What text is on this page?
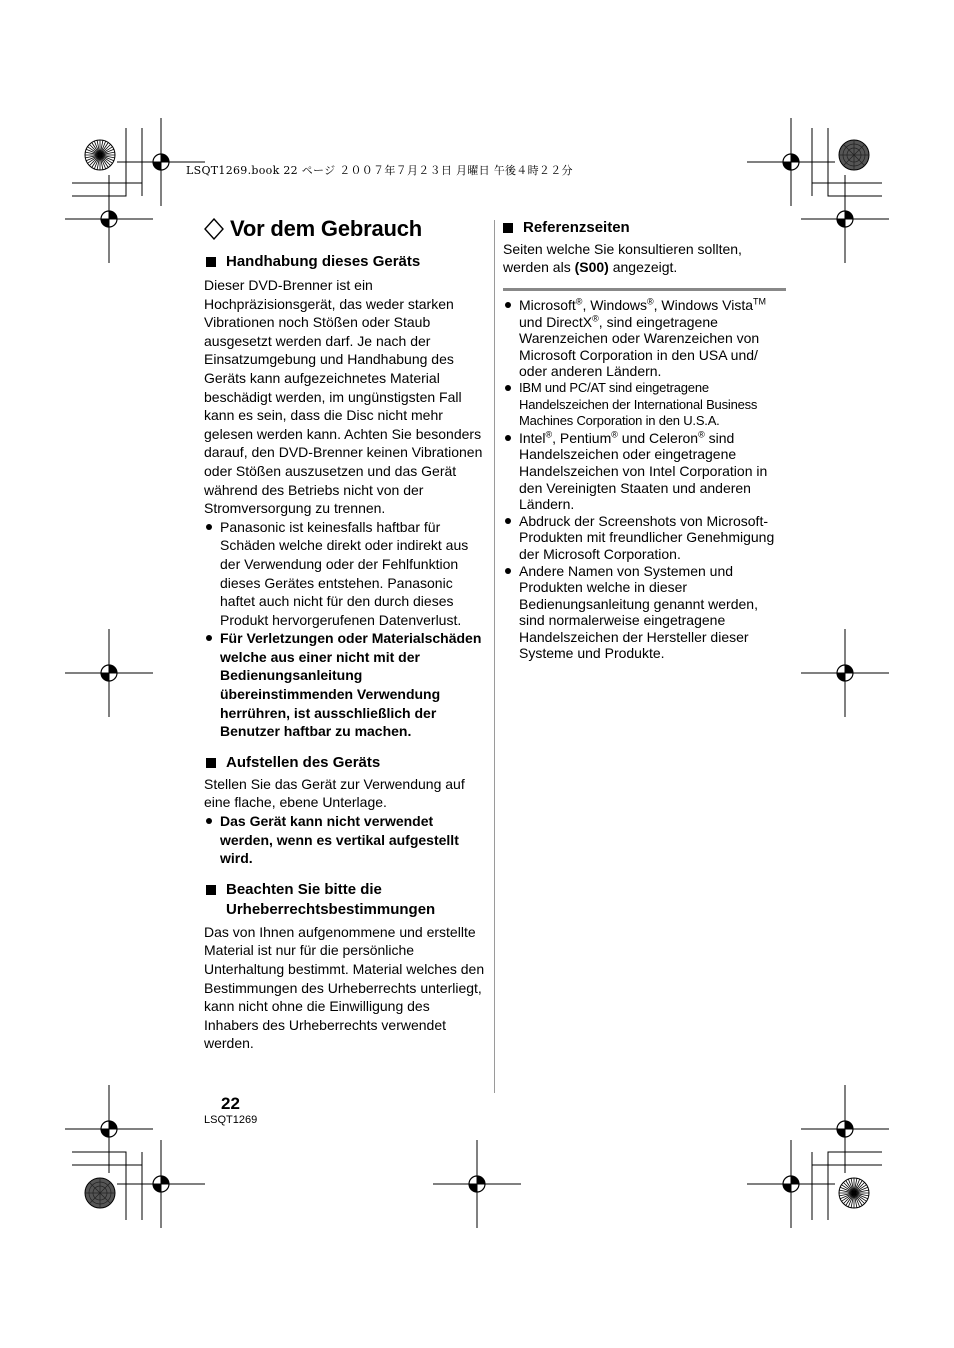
LSQT1269.book 22 ページ ２００７年７月２３日 月曜日 午後４時２２分
Vor dem Gebrauch
Handhabung dieses Geräts

Dieser DVD-Brenner ist ein Hochpräzisionsgerät, das weder starken Vibrationen noch Stößen oder Staub ausgesetzt werden darf. Je nach der Einsatzumgebung und Handhabung des Geräts kann aufgezeichnetes Material beschädigt werden, im ungünstigsten Fall kann es sein, dass die Disc nicht mehr gelesen werden kann. Achten Sie besonders darauf, den DVD-Brenner keinen Vibrationen oder Stößen auszusetzen und das Gerät während des Betriebs nicht von der Stromversorgung zu trennen.

Panasonic ist keinesfalls haftbar für Schäden welche direkt oder indirekt aus der Verwendung oder der Fehlfunktion dieses Gerätes entstehen. Panasonic haftet auch nicht für den durch dieses Produkt hervorgerufenen Datenverlust.
Für Verletzungen oder Materialschäden welche aus einer nicht mit der Bedienungsanleitung übereinstimmenden Verwendung herrühren, ist ausschließlich der Benutzer haftbar zu machen.
Aufstellen des Geräts

Stellen Sie das Gerät zur Verwendung auf eine flache, ebene Unterlage.

Das Gerät kann nicht verwendet werden, wenn es vertikal aufgestellt wird.
Beachten Sie bitte die Urheberrechtsbestimmungen

Das von Ihnen aufgenommene und erstellte Material ist nur für die persönliche Unterhaltung bestimmt. Material welches den Bestimmungen des Urheberrechts unterliegt, kann nicht ohne die Einwilligung des Inhabers des Urheberrechts verwendet werden.

Referenzseiten

Seiten welche Sie konsultieren sollten, werden als (S00) angezeigt.

Microsoft®, Windows®, Windows Vista™ und DirectX®, sind eingetragene Warenzeichen oder Warenzeichen von Microsoft Corporation in den USA und/ oder anderen Ländern.
IBM und PC/AT sind eingetragene Handelszeichen der International Business Machines Corporation in den U.S.A.
Intel®, Pentium® und Celeron® sind Handelszeichen oder eingetragene Handelszeichen von Intel Corporation in den Vereinigten Staaten und anderen Ländern.
Abdruck der Screenshots von Microsoft-Produkten mit freundlicher Genehmigung der Microsoft Corporation.
Andere Namen von Systemen und Produkten welche in dieser Bedienungsanleitung genannt werden, sind normalerweise eingetragene Handelszeichen der Hersteller dieser Systeme und Produkte.
22
LSQT1269
